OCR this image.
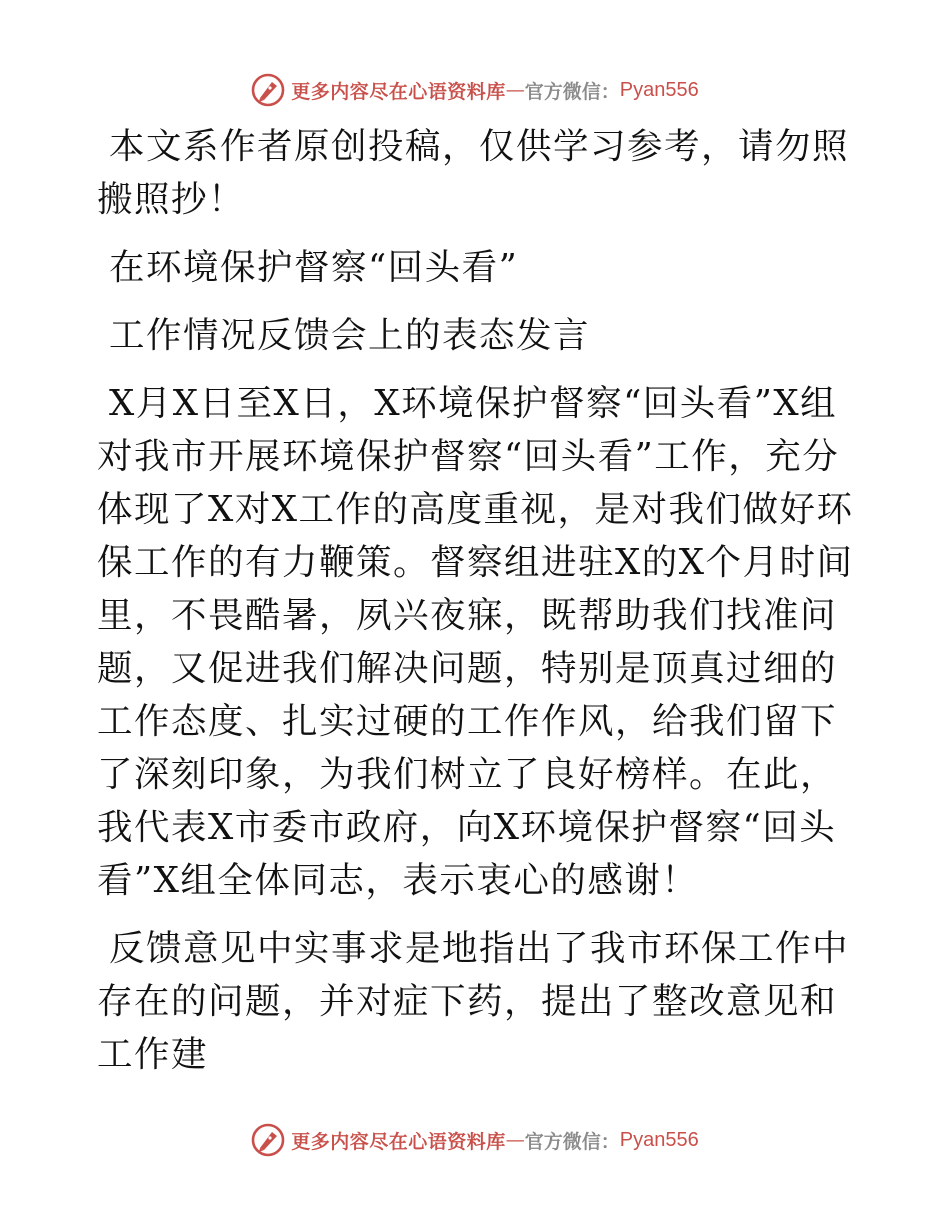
更多内容尽在心语资料库 — 官方微信： Pyan556

本文系作者原创投稿，仅供学习参考，请勿照搬照抄！

在环境保护督察“回头看”

工作情况反馈会上的表态发言

X月X日至X日，X环境保护督察“回头看”X组对我市开展环境保护督察“回头看”工作，充分体现了X对X工作的高度重视，是对我们做好环保工作的有力鞭策。督察组进驻X的X个月时间里，不畏酷暑，夙兴夜寐，既帮助我们找准问题，又促进我们解决问题，特别是顶真过细的工作态度、扎实过硬的工作作风，给我们留下了深刻印象，为我们树立了良好榜样。在此，我代表X市委市政府，向X环境保护督察“回头看”X组全体同志，表示衷心的感谢！

反馈意见中实事求是地指出了我市环保工作中存在的问题，并对症下药，提出了整改意见和工作建

更多内容尽在心语资料库 — 官方微信： Pyan556
